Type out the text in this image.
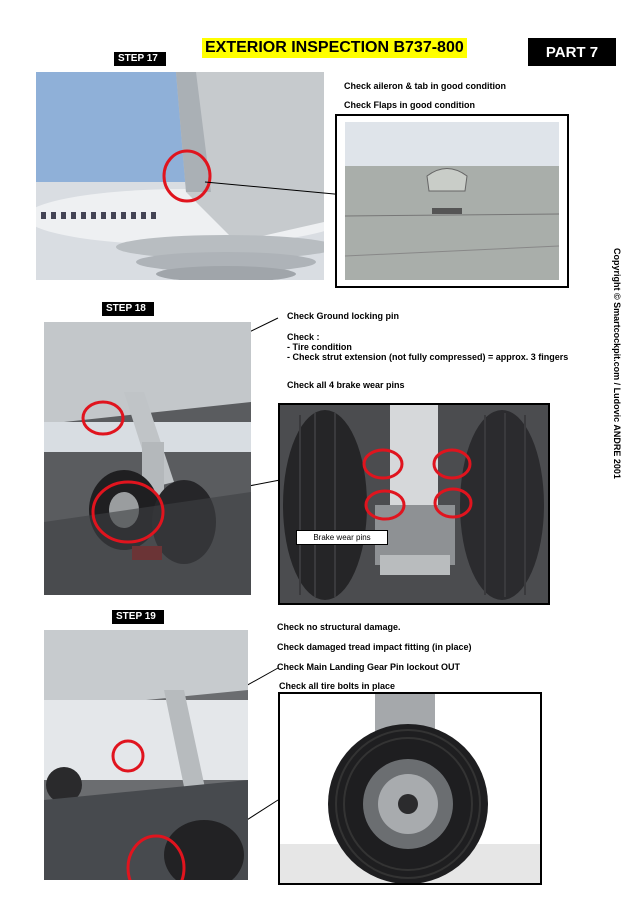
STEP 17
EXTERIOR INSPECTION B737-800	PART 7
Copyright © Smartcockpit.com / Ludovic ANDRE 2001
Check aileron & tab in good condition
Check Flaps in good condition
STEP 18
Check Ground locking pin
Check :
- Tire condition
- Check strut extension (not fully compressed) = approx. 3 fingers
Check all 4 brake wear pins
Brake wear pins
STEP 19
Check no structural damage.
Check damaged tread impact fitting (in place)
Check Main Landing Gear Pin lockout OUT
Check all tire bolts in place
